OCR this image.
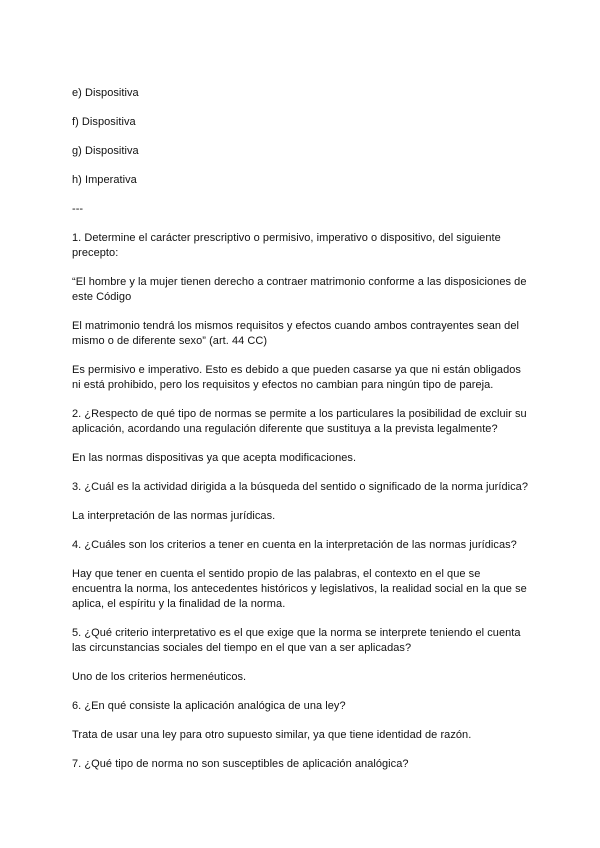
e) Dispositiva

f) Dispositiva

g) Dispositiva

h) Imperativa

---

1. Determine el carácter prescriptivo o permisivo, imperativo o dispositivo, del siguiente precepto:

“El hombre y la mujer tienen derecho a contraer matrimonio conforme a las disposiciones de este Código

El matrimonio tendrá los mismos requisitos y efectos cuando ambos contrayentes sean del mismo o de diferente sexo” (art. 44 CC)

Es permisivo e imperativo. Esto es debido a que pueden casarse ya que ni están obligados ni está prohibido, pero los requisitos y efectos no cambian para ningún tipo de pareja.

2. ¿Respecto de qué tipo de normas se permite a los particulares la posibilidad de excluir su aplicación, acordando una regulación diferente que sustituya a la prevista legalmente?

En las normas dispositivas ya que acepta modificaciones.

3. ¿Cuál es la actividad dirigida a la búsqueda del sentido o significado de la norma jurídica?

La interpretación de las normas jurídicas.

4. ¿Cuáles son los criterios a tener en cuenta en la interpretación de las normas jurídicas?

Hay que tener en cuenta el sentido propio de las palabras, el contexto en el que se encuentra la norma, los antecedentes históricos y legislativos, la realidad social en la que se aplica, el espíritu y la finalidad de la norma.

5. ¿Qué criterio interpretativo es el que exige que la norma se interprete teniendo el cuenta las circunstancias sociales del tiempo en el que van a ser aplicadas?

Uno de los criterios hermenéuticos.

6. ¿En qué consiste la aplicación analógica de una ley?

Trata de usar una ley para otro supuesto similar, ya que tiene identidad de razón.

7. ¿Qué tipo de norma no son susceptibles de aplicación analógica?
